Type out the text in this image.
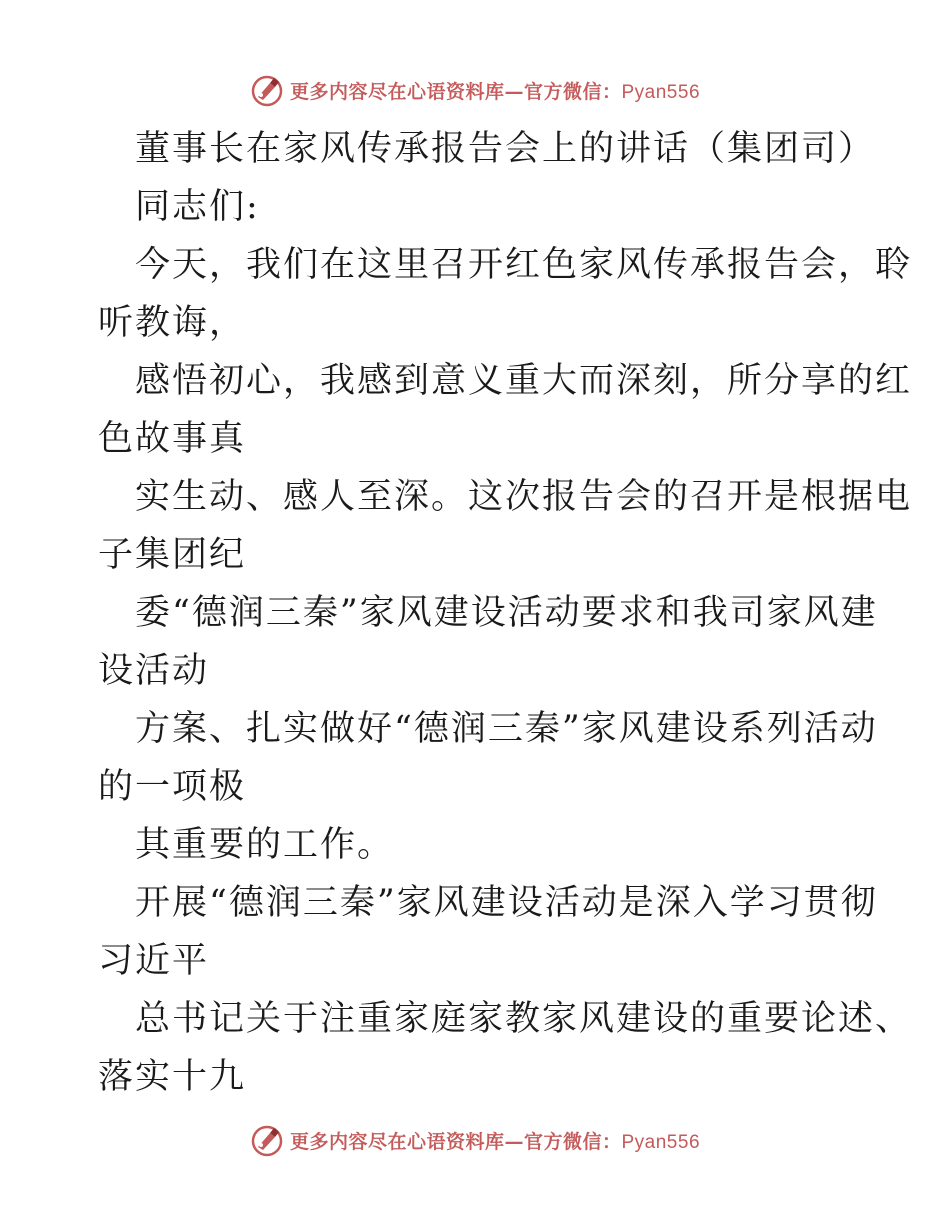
更多内容尽在心语资料库—官方微信：Pyan556
董事长在家风传承报告会上的讲话（集团司）
同志们:
今天，我们在这里召开红色家风传承报告会，聆
听教诲，
感悟初心，我感到意义重大而深刻，所分享的红
色故事真
实生动、感人至深。这次报告会的召开是根据电
子集团纪
委“德润三秦”家风建设活动要求和我司家风建
设活动
方案、扎实做好“德润三秦”家风建设系列活动
的一项极
其重要的工作。
开展“德润三秦”家风建设活动是深入学习贯彻
习近平
总书记关于注重家庭家教家风建设的重要论述、
落实十九
更多内容尽在心语资料库—官方微信：Pyan556
